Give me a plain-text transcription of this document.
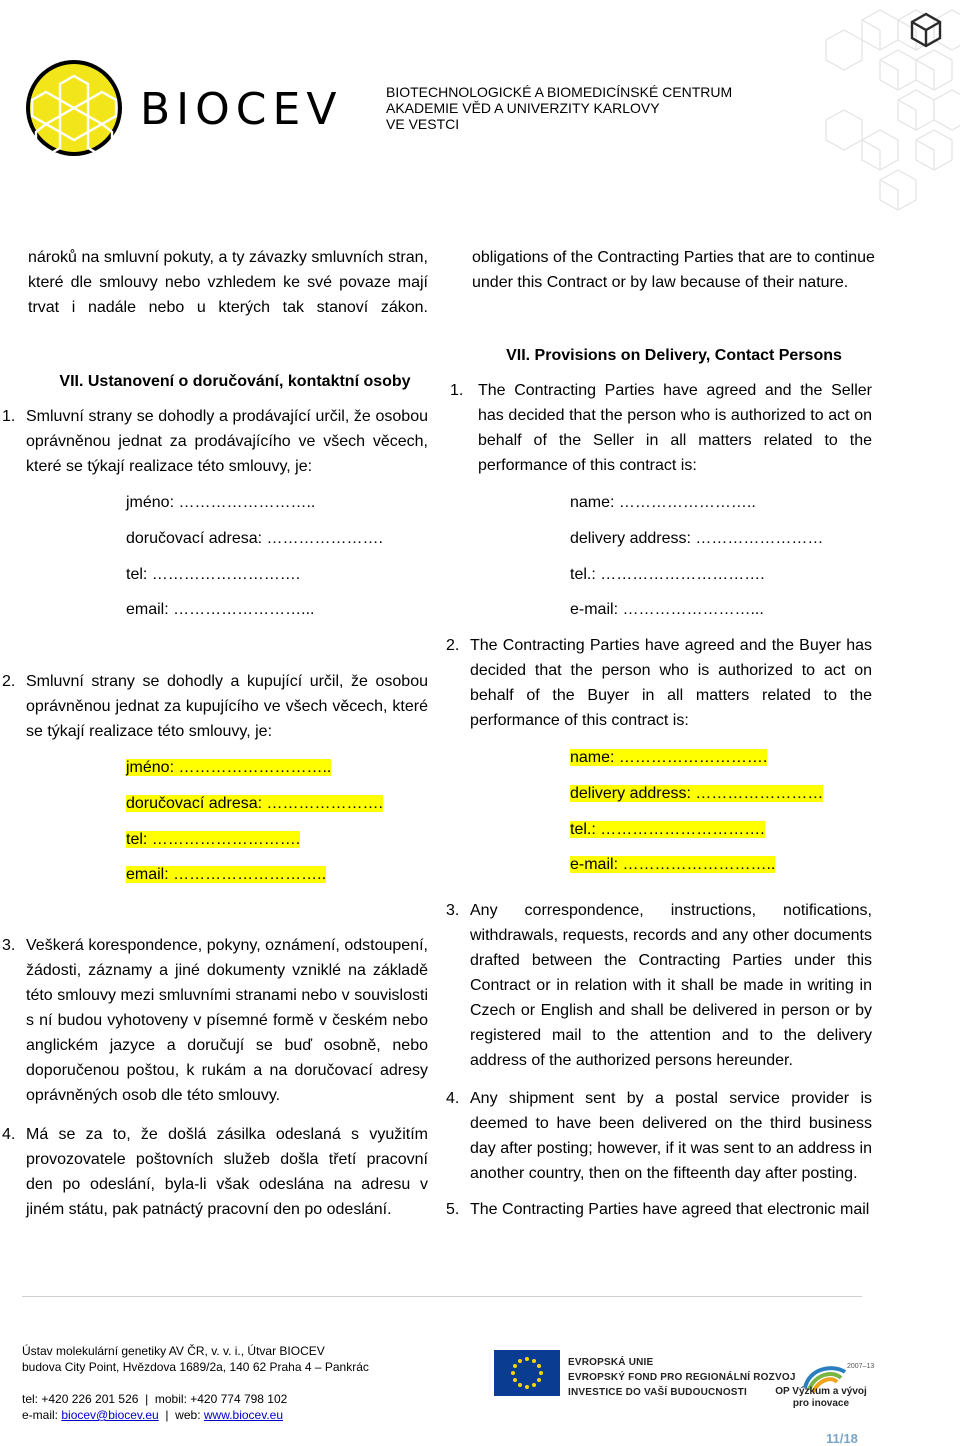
BIOCEV	BIOTECHNOLOGICKÉ A BIOMEDICÍNSKÉ CENTRUM
AKADEMIE VĚD A UNIVERZITY KARLOVY
VE VESTCI
nároků na smluvní pokuty, a ty závazky smluvních stran, které dle smlouvy nebo vzhledem ke své povaze mají trvat i nadále nebo u kterých tak stanoví zákon.
VII. Ustanovení o doručování, kontaktní osoby
1. Smluvní strany se dohodly a prodávající určil, že osobou oprávněnou jednat za prodávajícího ve všech věcech, které se týkají realizace této smlouvy, je:
jméno: ……………………..
doručovací adresa: ………………….
tel: ……………………….
email: ……………………...
2. Smluvní strany se dohodly a kupující určil, že osobou oprávněnou jednat za kupujícího ve všech věcech, které se týkají realizace této smlouvy, je:
jméno: ………………………..
doručovací adresa: ………………….
tel: ……………………….
email: ………………………..
3. Veškerá korespondence, pokyny, oznámení, odstoupení, žádosti, záznamy a jiné dokumenty vzniklé na základě této smlouvy mezi smluvními stranami nebo v souvislosti s ní budou vyhotoveny v písemné formě v českém nebo anglickém jazyce a doručují se buď osobně, nebo doporučenou poštou, k rukám a na doručovací adresy oprávněných osob dle této smlouvy.
4. Má se za to, že došlá zásilka odeslaná s využitím provozovatele poštovních služeb došla třetí pracovní den po odeslání, byla-li však odeslána na adresu v jiném státu, pak patnáctý pracovní den po odeslání.
obligations of the Contracting Parties that are to continue under this Contract or by law because of their nature.
VII. Provisions on Delivery, Contact Persons
1. The Contracting Parties have agreed and the Seller has decided that the person who is authorized to act on behalf of the Seller in all matters related to the performance of this contract is:
name: ……………………..
delivery address: ……………………
tel.: ………………………….
e-mail: ……………………...
2. The Contracting Parties have agreed and the Buyer has decided that the person who is authorized to act on behalf of the Buyer in all matters related to the performance of this contract is:
name: ……………………….
delivery address: ……………………
tel.: ………………………….
e-mail: ………………………..
3. Any correspondence, instructions, notifications, withdrawals, requests, records and any other documents drafted between the Contracting Parties under this Contract or in relation with it shall be made in writing in Czech or English and shall be delivered in person or by registered mail to the attention and to the delivery address of the authorized persons hereunder.
4. Any shipment sent by a postal service provider is deemed to have been delivered on the third business day after posting; however, if it was sent to an address in another country, then on the fifteenth day after posting.
5. The Contracting Parties have agreed that electronic mail
Ústav molekulární genetiky AV ČR, v. v. i., Útvar BIOCEV
budova City Point, Hvězdova 1689/2a, 140 62 Praha 4 – Pankrác
tel: +420 226 201 526  |  mobil: +420 774 798 102
e-mail: biocev@biocev.eu |  web: www.biocev.eu
EVROPSKÁ UNIE
EVROPSKÝ FOND PRO REGIONÁLNÍ ROZVOJ
INVESTICE DO VAŠÍ BUDOUCNOSTI
2007–13
OP Výzkum a vývoj
pro inovace
11/18
